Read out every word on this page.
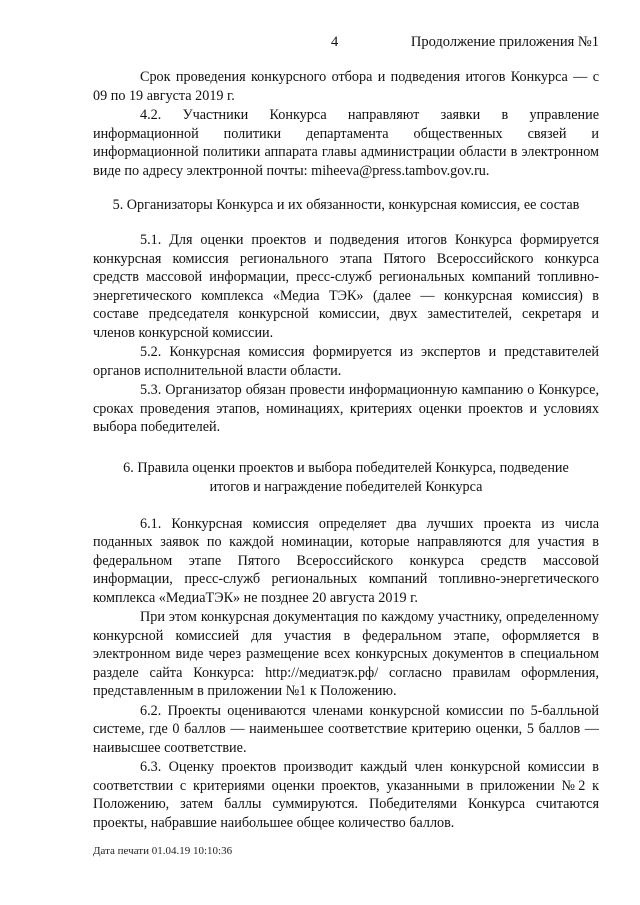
4	Продолжение приложения №1

Срок проведения конкурсного отбора и подведения итогов Конкурса — с 09 по 19 августа 2019 г.

4.2. Участники Конкурса направляют заявки в управление информационной политики департамента общественных связей и информационной политики аппарата главы администрации области в электронном виде по адресу электронной почты: miheeva@press.tambov.gov.ru.

5. Организаторы Конкурса и их обязанности, конкурсная комиссия, ее состав

5.1. Для оценки проектов и подведения итогов Конкурса формируется конкурсная комиссия регионального этапа Пятого Всероссийского конкурса средств массовой информации, пресс-служб региональных компаний топливно-энергетического комплекса «Медиа ТЭК» (далее — конкурсная комиссия) в составе председателя конкурсной комиссии, двух заместителей, секретаря и членов конкурсной комиссии.

5.2. Конкурсная комиссия формируется из экспертов и представителей органов исполнительной власти области.

5.3. Организатор обязан провести информационную кампанию о Конкурсе, сроках проведения этапов, номинациях, критериях оценки проектов и условиях выбора победителей.

6. Правила оценки проектов и выбора победителей Конкурса, подведение итогов и награждение победителей Конкурса

6.1. Конкурсная комиссия определяет два лучших проекта из числа поданных заявок по каждой номинации, которые направляются для участия в федеральном этапе Пятого Всероссийского конкурса средств массовой информации, пресс-служб региональных компаний топливно-энергетического комплекса «МедиаТЭК» не позднее 20 августа 2019 г.

При этом конкурсная документация по каждому участнику, определенному конкурсной комиссией для участия в федеральном этапе, оформляется в электронном виде через размещение всех конкурсных документов в специальном разделе сайта Конкурса: http://медиатэк.рф/ согласно правилам оформления, представленным в приложении №1 к Положению.

6.2. Проекты оцениваются членами конкурсной комиссии по 5-балльной системе, где 0 баллов — наименьшее соответствие критерию оценки, 5 баллов — наивысшее соответствие.

6.3. Оценку проектов производит каждый член конкурсной комиссии в соответствии с критериями оценки проектов, указанными в приложении №2 к Положению, затем баллы суммируются. Победителями Конкурса считаются проекты, набравшие наибольшее общее количество баллов.

Дата печати 01.04.19 10:10:36
